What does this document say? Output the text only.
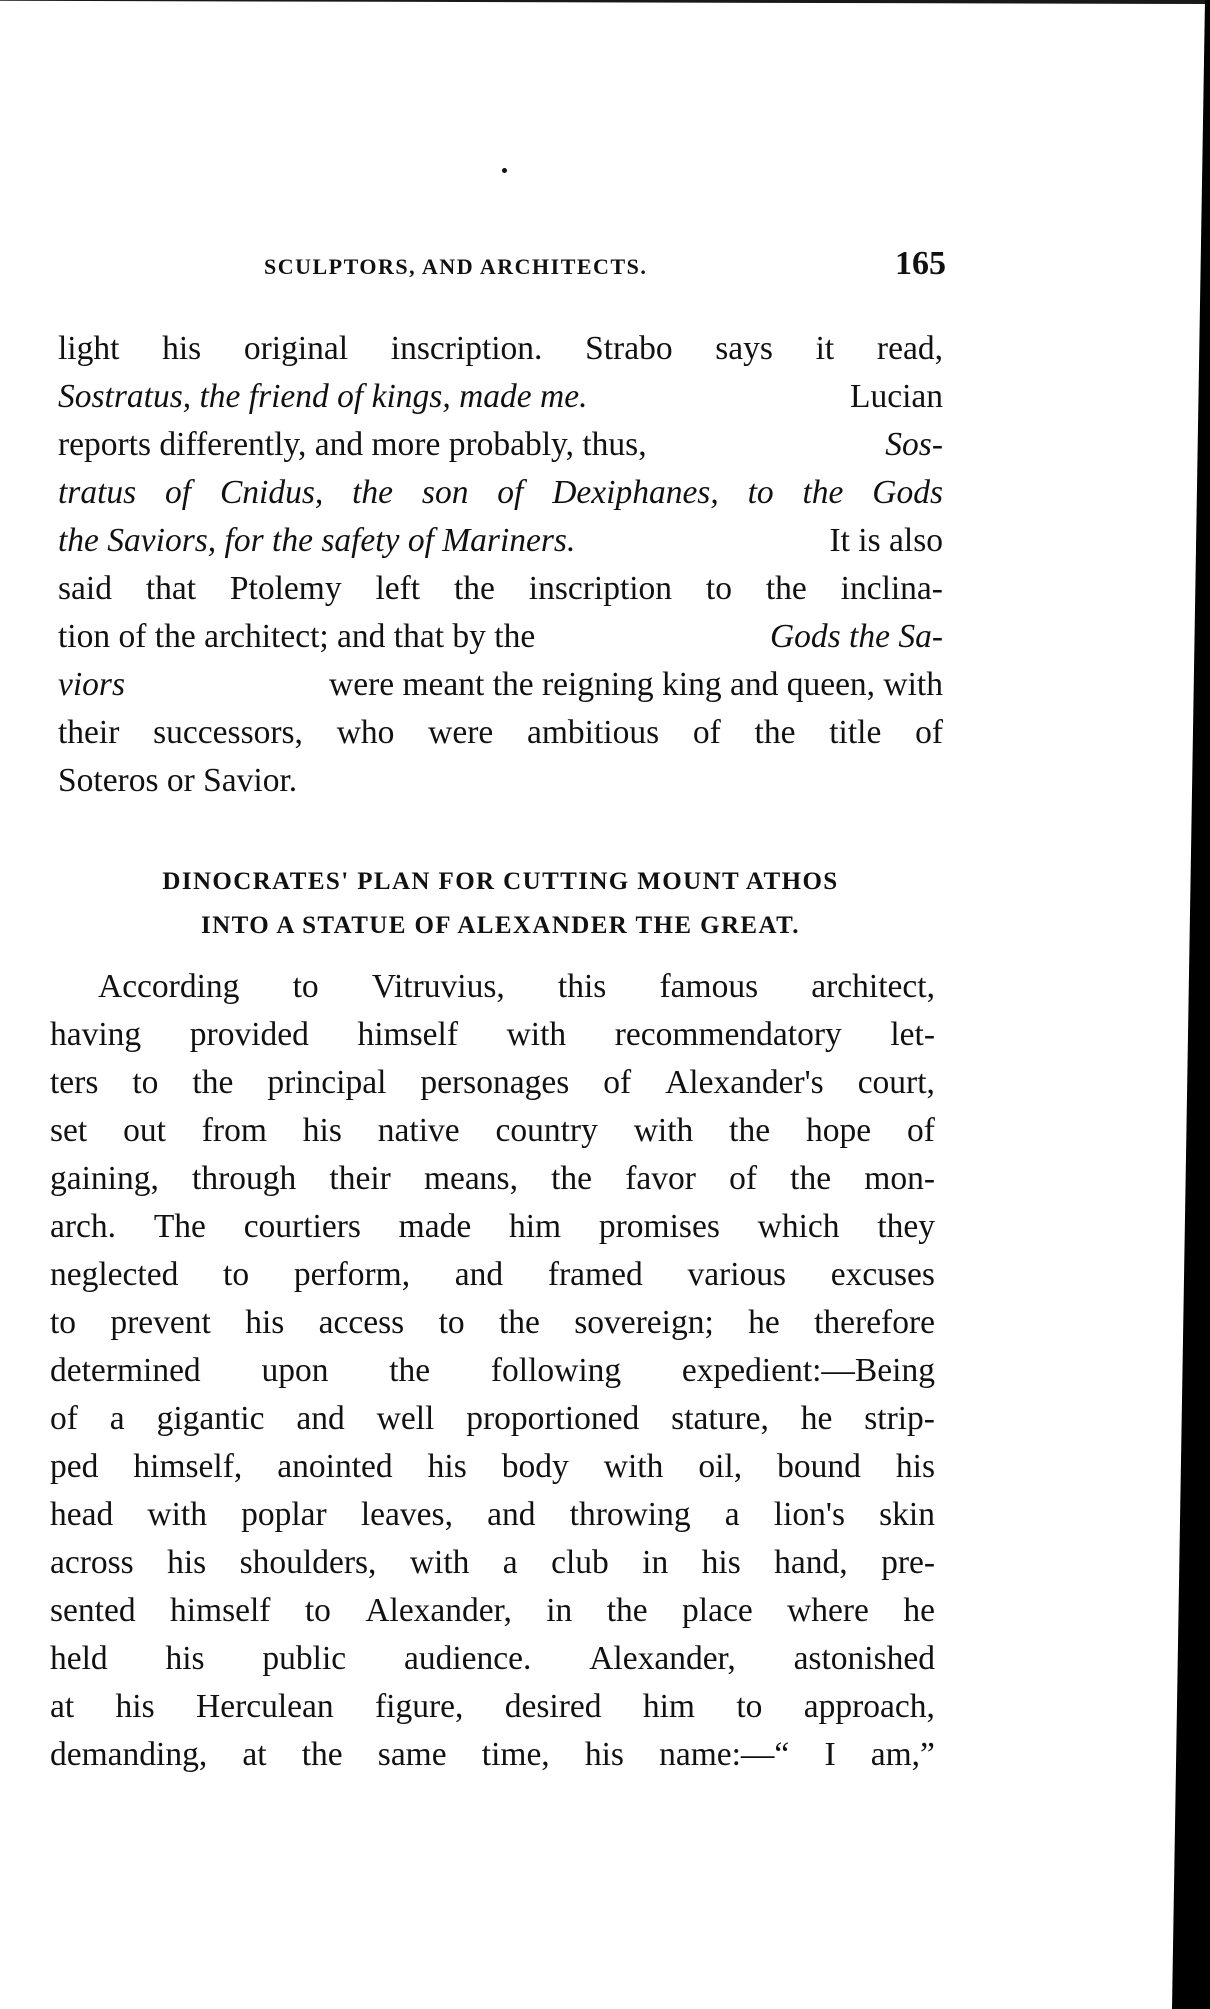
SCULPTORS, AND ARCHITECTS.	165
light his original inscription. Strabo says it read,
Sostratus, the friend of kings, made me.	Lucian
reports differently, and more probably, thus,	Sos-
tratus of Cnidus, the son of Dexiphanes, to the Gods
the Saviors, for the safety of Mariners.	It is also
said that Ptolemy left the inscription to the inclina-
tion of the architect; and that by the	Gods the Sa-
viors	were meant the reigning king and queen, with
their successors, who were ambitious of the title of
Soteros or Savior.
DINOCRATES' PLAN FOR CUTTING MOUNT ATHOS
INTO A STATUE OF ALEXANDER THE GREAT.
According to Vitruvius, this famous architect,
having provided himself with recommendatory let-
ters to the principal personages of Alexander's court,
set out from his native country with the hope of
gaining, through their means, the favor of the mon-
arch. The courtiers made him promises which they
neglected to perform, and framed various excuses
to prevent his access to the sovereign; he therefore
determined upon the following expedient:—Being
of a gigantic and well proportioned stature, he strip-
ped himself, anointed his body with oil, bound his
head with poplar leaves, and throwing a lion's skin
across his shoulders, with a club in his hand, pre-
sented himself to Alexander, in the place where he
held his public audience. Alexander, astonished
at his Herculean figure, desired him to approach,
demanding, at the same time, his name:—“ I am,”
